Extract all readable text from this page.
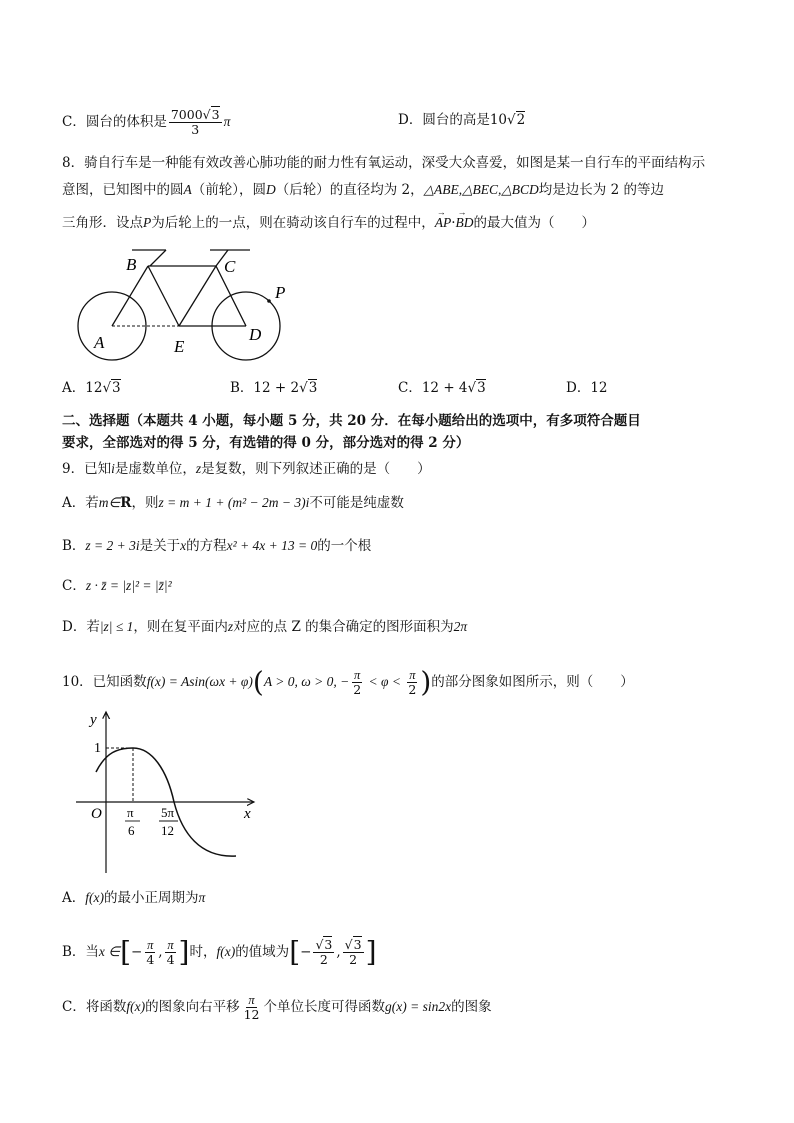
C．圆台的体积是 $\frac{7000√3}{3}$ π	D．圆台的高是10√2
8．骑自行车是一种能有效改善心肺功能的耐力性有氧运动，深受大众喜爱，如图是某一自行车的平面结构示
意图，已知图中的圆A（前轮），圆D（后轮）的直径均为 2，△ABE,△BEC,△BCD均是边长为 2 的等边
三角形．设点P为后轮上的一点，则在骑动该自行车的过程中，→ AP·→ BD的最大值为（　　）
B	C
P
A	E
D
A．12√3	B．12 + 2√3	C．12 + 4√3	D．12
二、选择题（本题共 4 小题，每小题 5 分，共 20 分．在每小题给出的选项中，有多项符合题目
要求，全部选对的得 5 分，有选错的得 0 分，部分选对的得 2 分）
9．已知i是虚数单位，z是复数，则下列叙述正确的是（　　）
A．若m∈R，则z = m + 1 + (m² − 2m − 3)i不可能是纯虚数
B．z = 2 + 3i是关于x的方程x² + 4x + 13 = 0的一个根
C．z · z̄ = |z|² = |z̄|²
D．若|z| ≤ 1，则在复平面内z对应的点 Z 的集合确定的图形面积为2π
10．已知函数f(x) = Asin(ωx + φ)(A > 0, ω > 0, − $\frac{\pi}{2} < \varphi < \frac{\pi}{2}$ )的部分图象如图所示，则（　　）
y
1
O	x
π
6
5π
12
A．f(x)的最小正周期为π
B．当x ∈[− $\frac{\pi}{4}$ , $\frac{\pi}{4}$ ]时，f(x)的值域为[− $\frac{√3}{2}$ , $\frac{√3}{2}$ ]
C．将函数f(x)的图象向右平移 $\frac{\pi}{12}$ 个单位长度可得函数g(x) = sin2x的图象
